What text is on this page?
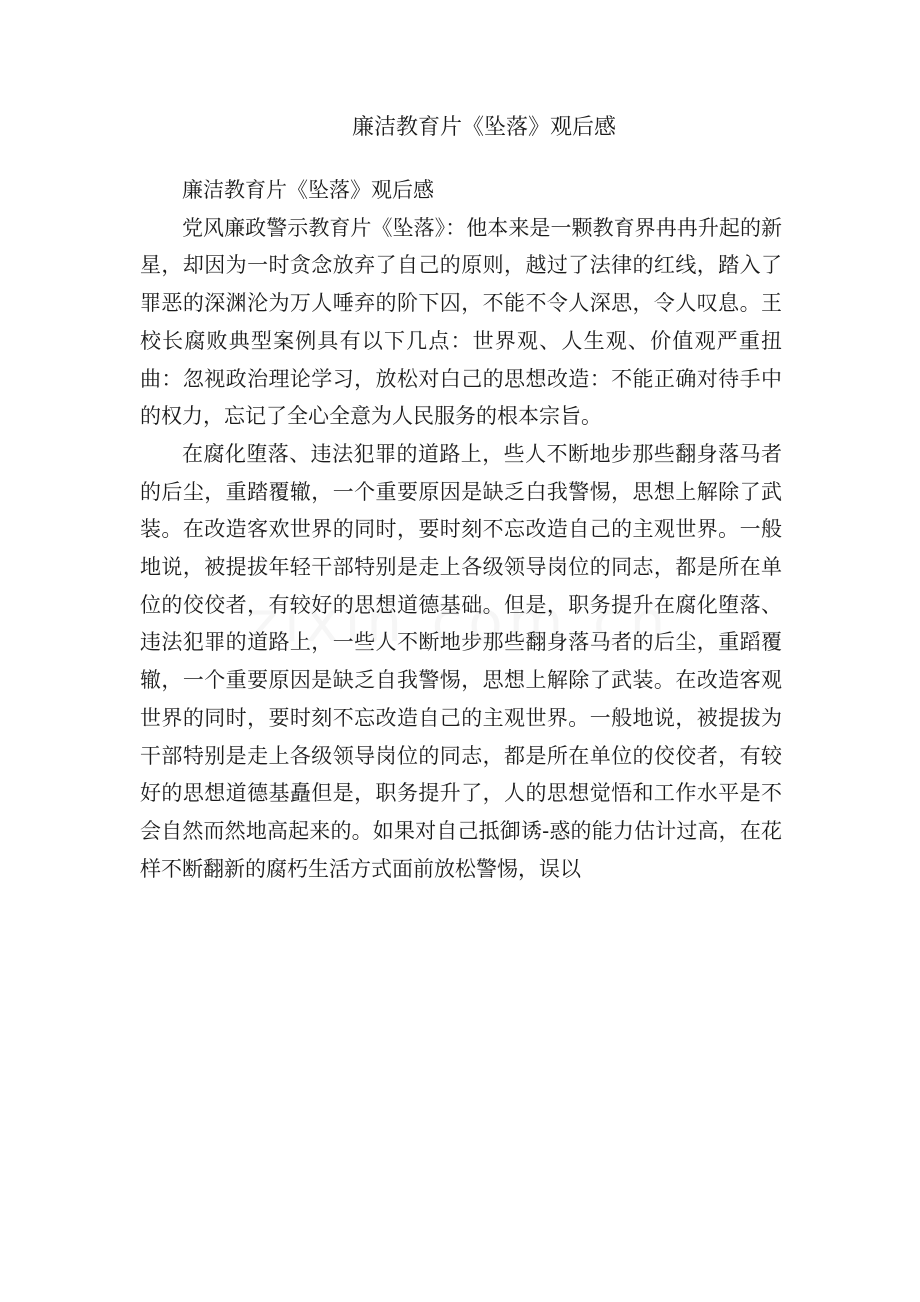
廉洁教育片《坠落》观后感

廉洁教育片《坠落》观后感

党风廉政警示教育片《坠落》：他本来是一颗教育界冉冉升起的新星，却因为一时贪念放弃了自己的原则，越过了法律的红线，踏入了罪恶的深渊沦为万人唾弃的阶下囚，不能不令人深思，令人叹息。王校长腐败典型案例具有以下几点：世界观、人生观、价值观严重扭曲：忽视政治理论学习，放松对白己的思想改造：不能正确对待手中的权力，忘记了全心全意为人民服务的根本宗旨。

在腐化堕落、违法犯罪的道路上，些人不断地步那些翻身落马者的后尘，重踏覆辙，一个重要原因是缺乏白我警惕，思想上解除了武装。在改造客欢世界的同时，要时刻不忘改造自己的主观世界。一般地说，被提拔年轻干部特别是走上各级领导岗位的同志，都是所在单位的佼佼者，有较好的思想道德基础。但是，职务提升在腐化堕落、违法犯罪的道路上，一些人不断地步那些翻身落马者的后尘，重蹈覆辙，一个重要原因是缺乏自我警惕，思想上解除了武装。在改造客观世界的同时，要时刻不忘改造自己的主观世界。一般地说，被提拔为干部特别是走上各级领导岗位的同志，都是所在单位的佼佼者，有较好的思想道德基矗但是，职务提升了，人的思想觉悟和工作水平是不会自然而然地高起来的。如果对自己抵御诱-惑的能力估计过高，在花样不断翻新的腐朽生活方式面前放松警惕，误以
